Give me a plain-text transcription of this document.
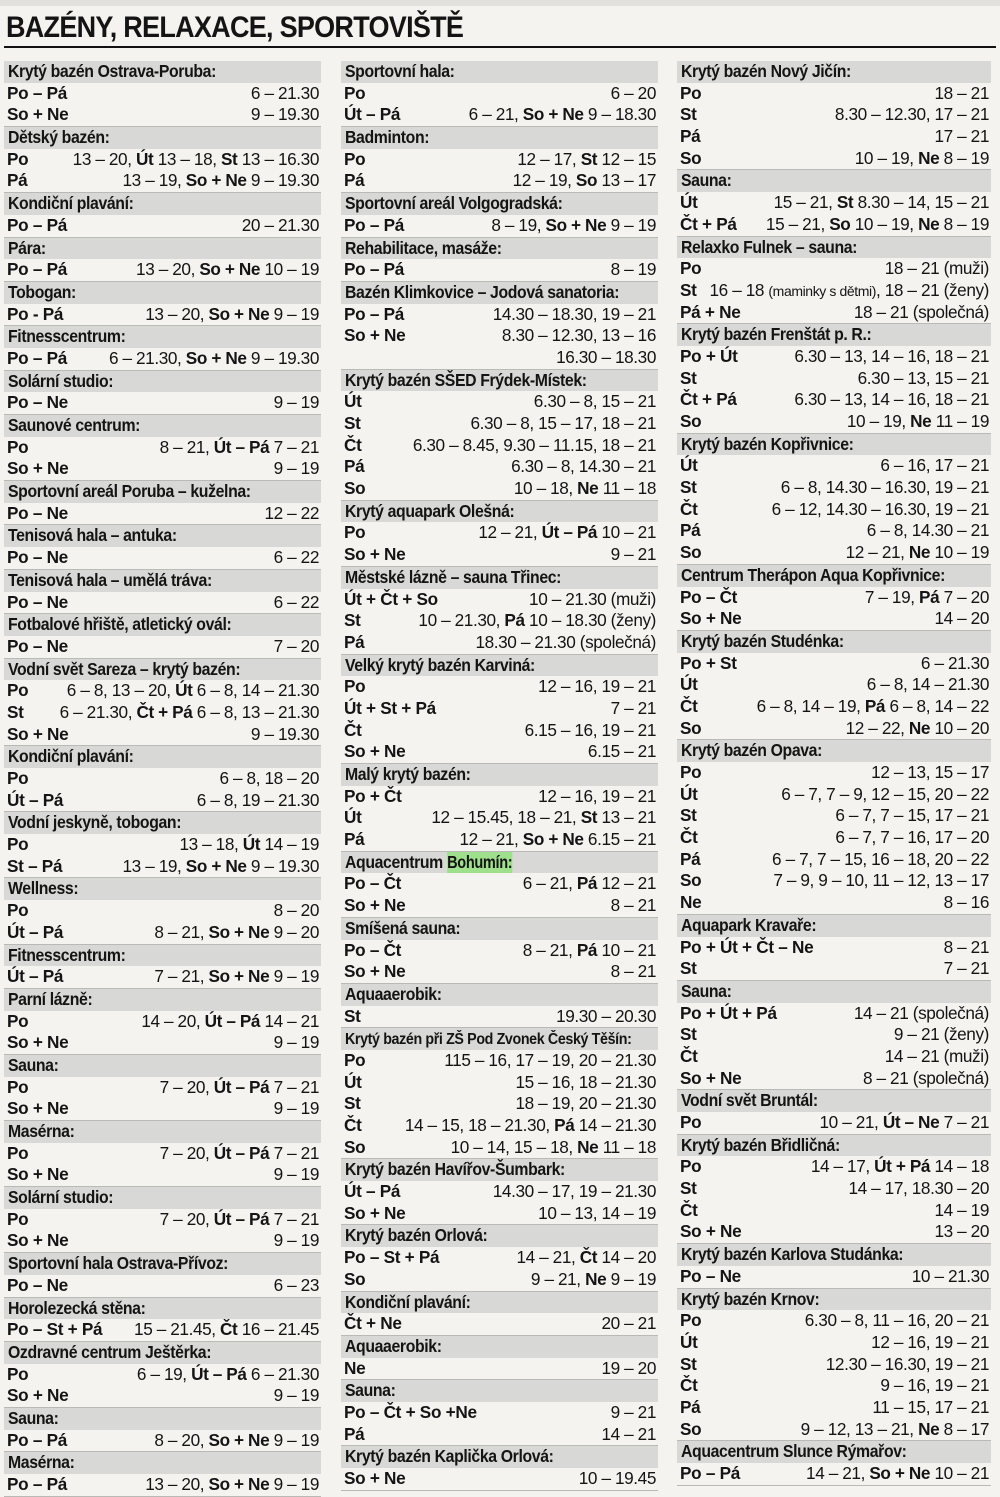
BAZÉNY, RELAXACE, SPORTOVIŠTĚ
Krytý bazén Ostrava-Poruba:
Po – Pá	6 – 21.30
So + Ne	9 – 19.30
Dětský bazén:
Po	13 – 20, Út 13 – 18, St 13 – 16.30
Pá	13 – 19, So + Ne 9 – 19.30
Kondiční plavání:
Po – Pá	20 – 21.30
Pára:
Po – Pá	13 – 20, So + Ne 10 – 19
Tobogan:
Po - Pá	13 – 20, So + Ne 9 – 19
Fitnesscentrum:
Po – Pá 6 – 21.30, So + Ne 9 – 19.30
Solární studio:
Po – Ne	9 – 19
Saunové centrum:
Po	8 – 21, Út – Pá 7 – 21
So + Ne	9 – 19
Sportovní areál Poruba – kuželna:
Po – Ne	12 – 22
Tenisová hala – antuka:
Po – Ne	6 – 22
Tenisová hala – umělá tráva:
Po – Ne	6 – 22
Fotbalové hřiště, atletický ovál:
Po – Ne	7 – 20
Vodní svět Sareza – krytý bazén:
Po 6 – 8, 13 – 20, Út 6 – 8, 14 – 21.30
St 6 – 21.30, Čt + Pá 6 – 8, 13 – 21.30
So + Ne	9 – 19.30
Kondiční plavání:
Po	6 – 8, 18 – 20
Út – Pá	6 – 8, 19 – 21.30
Vodní jeskyně, tobogan:
Po	13 – 18, Út 14 – 19
St – Pá	13 – 19, So + Ne 9 – 19.30
Wellness:
Po	8 – 20
Út – Pá	8 – 21, So + Ne 9 – 20
Fitnesscentrum:
Út – Pá	7 – 21, So + Ne 9 – 19
Parní lázně:
Po	14 – 20, Út – Pá 14 – 21
So + Ne	9 – 19
Sauna:
Po	7 – 20, Út – Pá 7 – 21
So + Ne	9 – 19
Masérna:
Po	7 – 20, Út – Pá 7 – 21
So + Ne	9 – 19
Solární studio:
Po	7 – 20, Út – Pá 7 – 21
So + Ne	9 – 19
Sportovní hala Ostrava-Přívoz:
Po – Ne	6 – 23
Horolezecká stěna:
Po – St + Pá 15 – 21.45, Čt 16 – 21.45
Ozdravné centrum Ještěrka:
Po	6 – 19, Út – Pá 6 – 21.30
So + Ne	9 – 19
Sauna:
Po – Pá	8 – 20, So + Ne 9 – 19
Masérna:
Po – Pá	13 – 20, So + Ne 9 – 19
Sportovní hala:
Po	6 – 20
Út – Pá	6 – 21, So + Ne 9 – 18.30
Badminton:
Po	12 – 17, St 12 – 15
Pá	12 – 19, So 13 – 17
Sportovní areál Volgogradská:
Po – Pá	8 – 19, So + Ne 9 – 19
Rehabilitace, masáže:
Po – Pá	8 – 19
Bazén Klimkovice – Jodová sanatoria:
Po – Pá	14.30 – 18.30, 19 – 21
So + Ne	8.30 – 12.30, 13 – 16
16.30 – 18.30
Krytý bazén SŠED Frýdek-Místek:
Út	6.30 – 8, 15 – 21
St	6.30 – 8, 15 – 17, 18 – 21
Čt	6.30 – 8.45, 9.30 – 11.15, 18 – 21
Pá	6.30 – 8, 14.30 – 21
So	10 – 18, Ne 11 – 18
Krytý aquapark Olešná:
Po	12 – 21, Út – Pá 10 – 21
So + Ne	9 – 21
Městské lázně – sauna Třinec:
Út + Čt + So	10 – 21.30 (muži)
St	10 – 21.30, Pá 10 – 18.30 (ženy)
Pá	18.30 – 21.30 (společná)
Velký krytý bazén Karviná:
Po	12 – 16, 19 – 21
Út + St + Pá	7 – 21
Čt	6.15 – 16, 19 – 21
So + Ne	6.15 – 21
Malý krytý bazén:
Po + Čt	12 – 16, 19 – 21
Út	12 – 15.45, 18 – 21, St 13 – 21
Pá	12 – 21, So + Ne 6.15 – 21
Aquacentrum Bohumín:
Po – Čt	6 – 21, Pá 12 – 21
So + Ne	8 – 21
Smíšená sauna:
Po – Čt	8 – 21, Pá 10 – 21
So + Ne	8 – 21
Aquaaerobik:
St	19.30 – 20.30
Krytý bazén při ZŠ Pod Zvonek Český Těšín:
Po	115 – 16, 17 – 19, 20 – 21.30
Út	15 – 16, 18 – 21.30
St	18 – 19, 20 – 21.30
Čt	14 – 15, 18 – 21.30, Pá 14 – 21.30
So	10 – 14, 15 – 18, Ne 11 – 18
Krytý bazén Havířov-Šumbark:
Út – Pá	14.30 – 17, 19 – 21.30
So + Ne	10 – 13, 14 – 19
Krytý bazén Orlová:
Po – St + Pá	14 – 21, Čt 14 – 20
So	9 – 21, Ne 9 – 19
Kondiční plavání:
Čt + Ne	20 – 21
Aquaaerobik:
Ne	19 – 20
Sauna:
Po – Čt + So +Ne	9 – 21
Pá	14 – 21
Krytý bazén Kaplička Orlová:
So + Ne	10 – 19.45
Krytý bazén Nový Jičín:
Po	18 – 21
St	8.30 – 12.30, 17 – 21
Pá	17 – 21
So	10 – 19, Ne 8 – 19
Sauna:
Út	15 – 21, St 8.30 – 14, 15 – 21
Čt + Pá 15 – 21, So 10 – 19, Ne 8 – 19
Relaxko Fulnek – sauna:
Po	18 – 21 (muži)
St 16 – 18 (maminky s dětmi), 18 – 21 (ženy)
Pá + Ne	18 – 21 (společná)
Krytý bazén Frenštát p. R.:
Po + Út	6.30 – 13, 14 – 16, 18 – 21
St	6.30 – 13, 15 – 21
Čt + Pá	6.30 – 13, 14 – 16, 18 – 21
So	10 – 19, Ne 11 – 19
Krytý bazén Kopřivnice:
Út	6 – 16, 17 – 21
St	6 – 8, 14.30 – 16.30, 19 – 21
Čt	6 – 12, 14.30 – 16.30, 19 – 21
Pá	6 – 8, 14.30 – 21
So	12 – 21, Ne 10 – 19
Centrum Therápon Aqua Kopřivnice:
Po – Čt	7 – 19, Pá 7 – 20
So + Ne	14 – 20
Krytý bazén Studénka:
Po + St	6 – 21.30
Út	6 – 8, 14 – 21.30
Čt	6 – 8, 14 – 19, Pá 6 – 8, 14 – 22
So	12 – 22, Ne 10 – 20
Krytý bazén Opava:
Po	12 – 13, 15 – 17
Út	6 – 7, 7 – 9, 12 – 15, 20 – 22
St	6 – 7, 7 – 15, 17 – 21
Čt	6 – 7, 7 – 16, 17 – 20
Pá	6 – 7, 7 – 15, 16 – 18, 20 – 22
So	7 – 9, 9 – 10, 11 – 12, 13 – 17
Ne	8 – 16
Aquapark Kravaře:
Po + Út + Čt – Ne	8 – 21
St	7 – 21
Sauna:
Po + Út + Pá	14 – 21 (společná)
St	9 – 21 (ženy)
Čt	14 – 21 (muži)
So + Ne	8 – 21 (společná)
Vodní svět Bruntál:
Po	10 – 21, Út – Ne 7 – 21
Krytý bazén Břidličná:
Po	14 – 17, Út + Pá 14 – 18
St	14 – 17, 18.30 – 20
Čt	14 – 19
So + Ne	13 – 20
Krytý bazén Karlova Studánka:
Po – Ne	10 – 21.30
Krytý bazén Krnov:
Po	6.30 – 8, 11 – 16, 20 – 21
Út	12 – 16, 19 – 21
St	12.30 – 16.30, 19 – 21
Čt	9 – 16, 19 – 21
Pá	11 – 15, 17 – 21
So	9 – 12, 13 – 21, Ne 8 – 17
Aquacentrum Slunce Rýmařov:
Po – Pá	14 – 21, So + Ne 10 – 21
